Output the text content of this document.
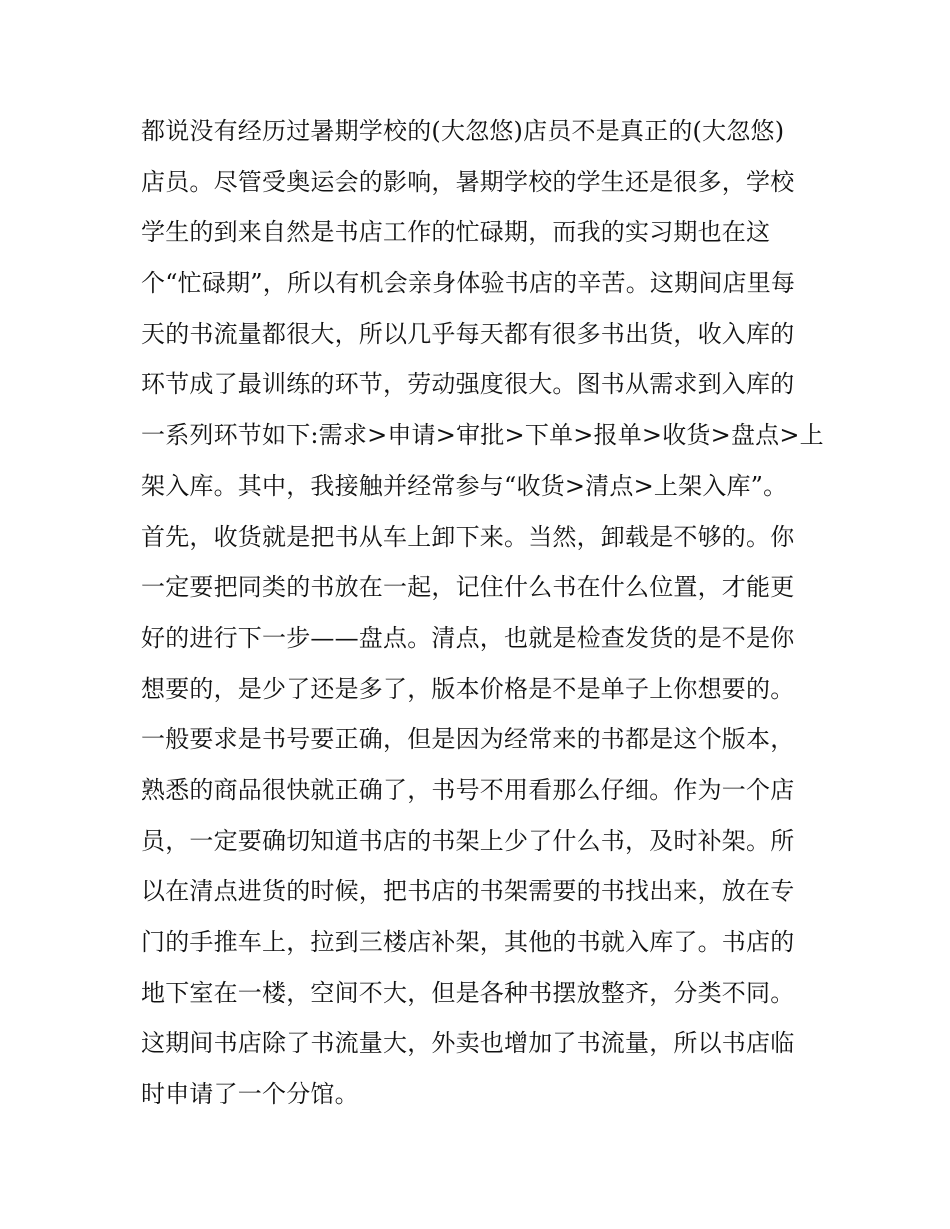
都说没有经历过暑期学校的(大忽悠)店员不是真正的(大忽悠)
店员。尽管受奥运会的影响，暑期学校的学生还是很多，学校
学生的到来自然是书店工作的忙碌期，而我的实习期也在这
个“忙碌期”，所以有机会亲身体验书店的辛苦。这期间店里每
天的书流量都很大，所以几乎每天都有很多书出货，收入库的
环节成了最训练的环节，劳动强度很大。图书从需求到入库的
一系列环节如下:需求>申请>审批>下单>报单>收货>盘点>上
架入库。其中，我接触并经常参与“收货>清点>上架入库”。
首先，收货就是把书从车上卸下来。当然，卸载是不够的。你
一定要把同类的书放在一起，记住什么书在什么位置，才能更
好的进行下一步——盘点。清点，也就是检查发货的是不是你
想要的，是少了还是多了，版本价格是不是单子上你想要的。
一般要求是书号要正确，但是因为经常来的书都是这个版本，
熟悉的商品很快就正确了，书号不用看那么仔细。作为一个店
员，一定要确切知道书店的书架上少了什么书，及时补架。所
以在清点进货的时候，把书店的书架需要的书找出来，放在专
门的手推车上，拉到三楼店补架，其他的书就入库了。书店的
地下室在一楼，空间不大，但是各种书摆放整齐，分类不同。
这期间书店除了书流量大，外卖也增加了书流量，所以书店临
时申请了一个分馆。
